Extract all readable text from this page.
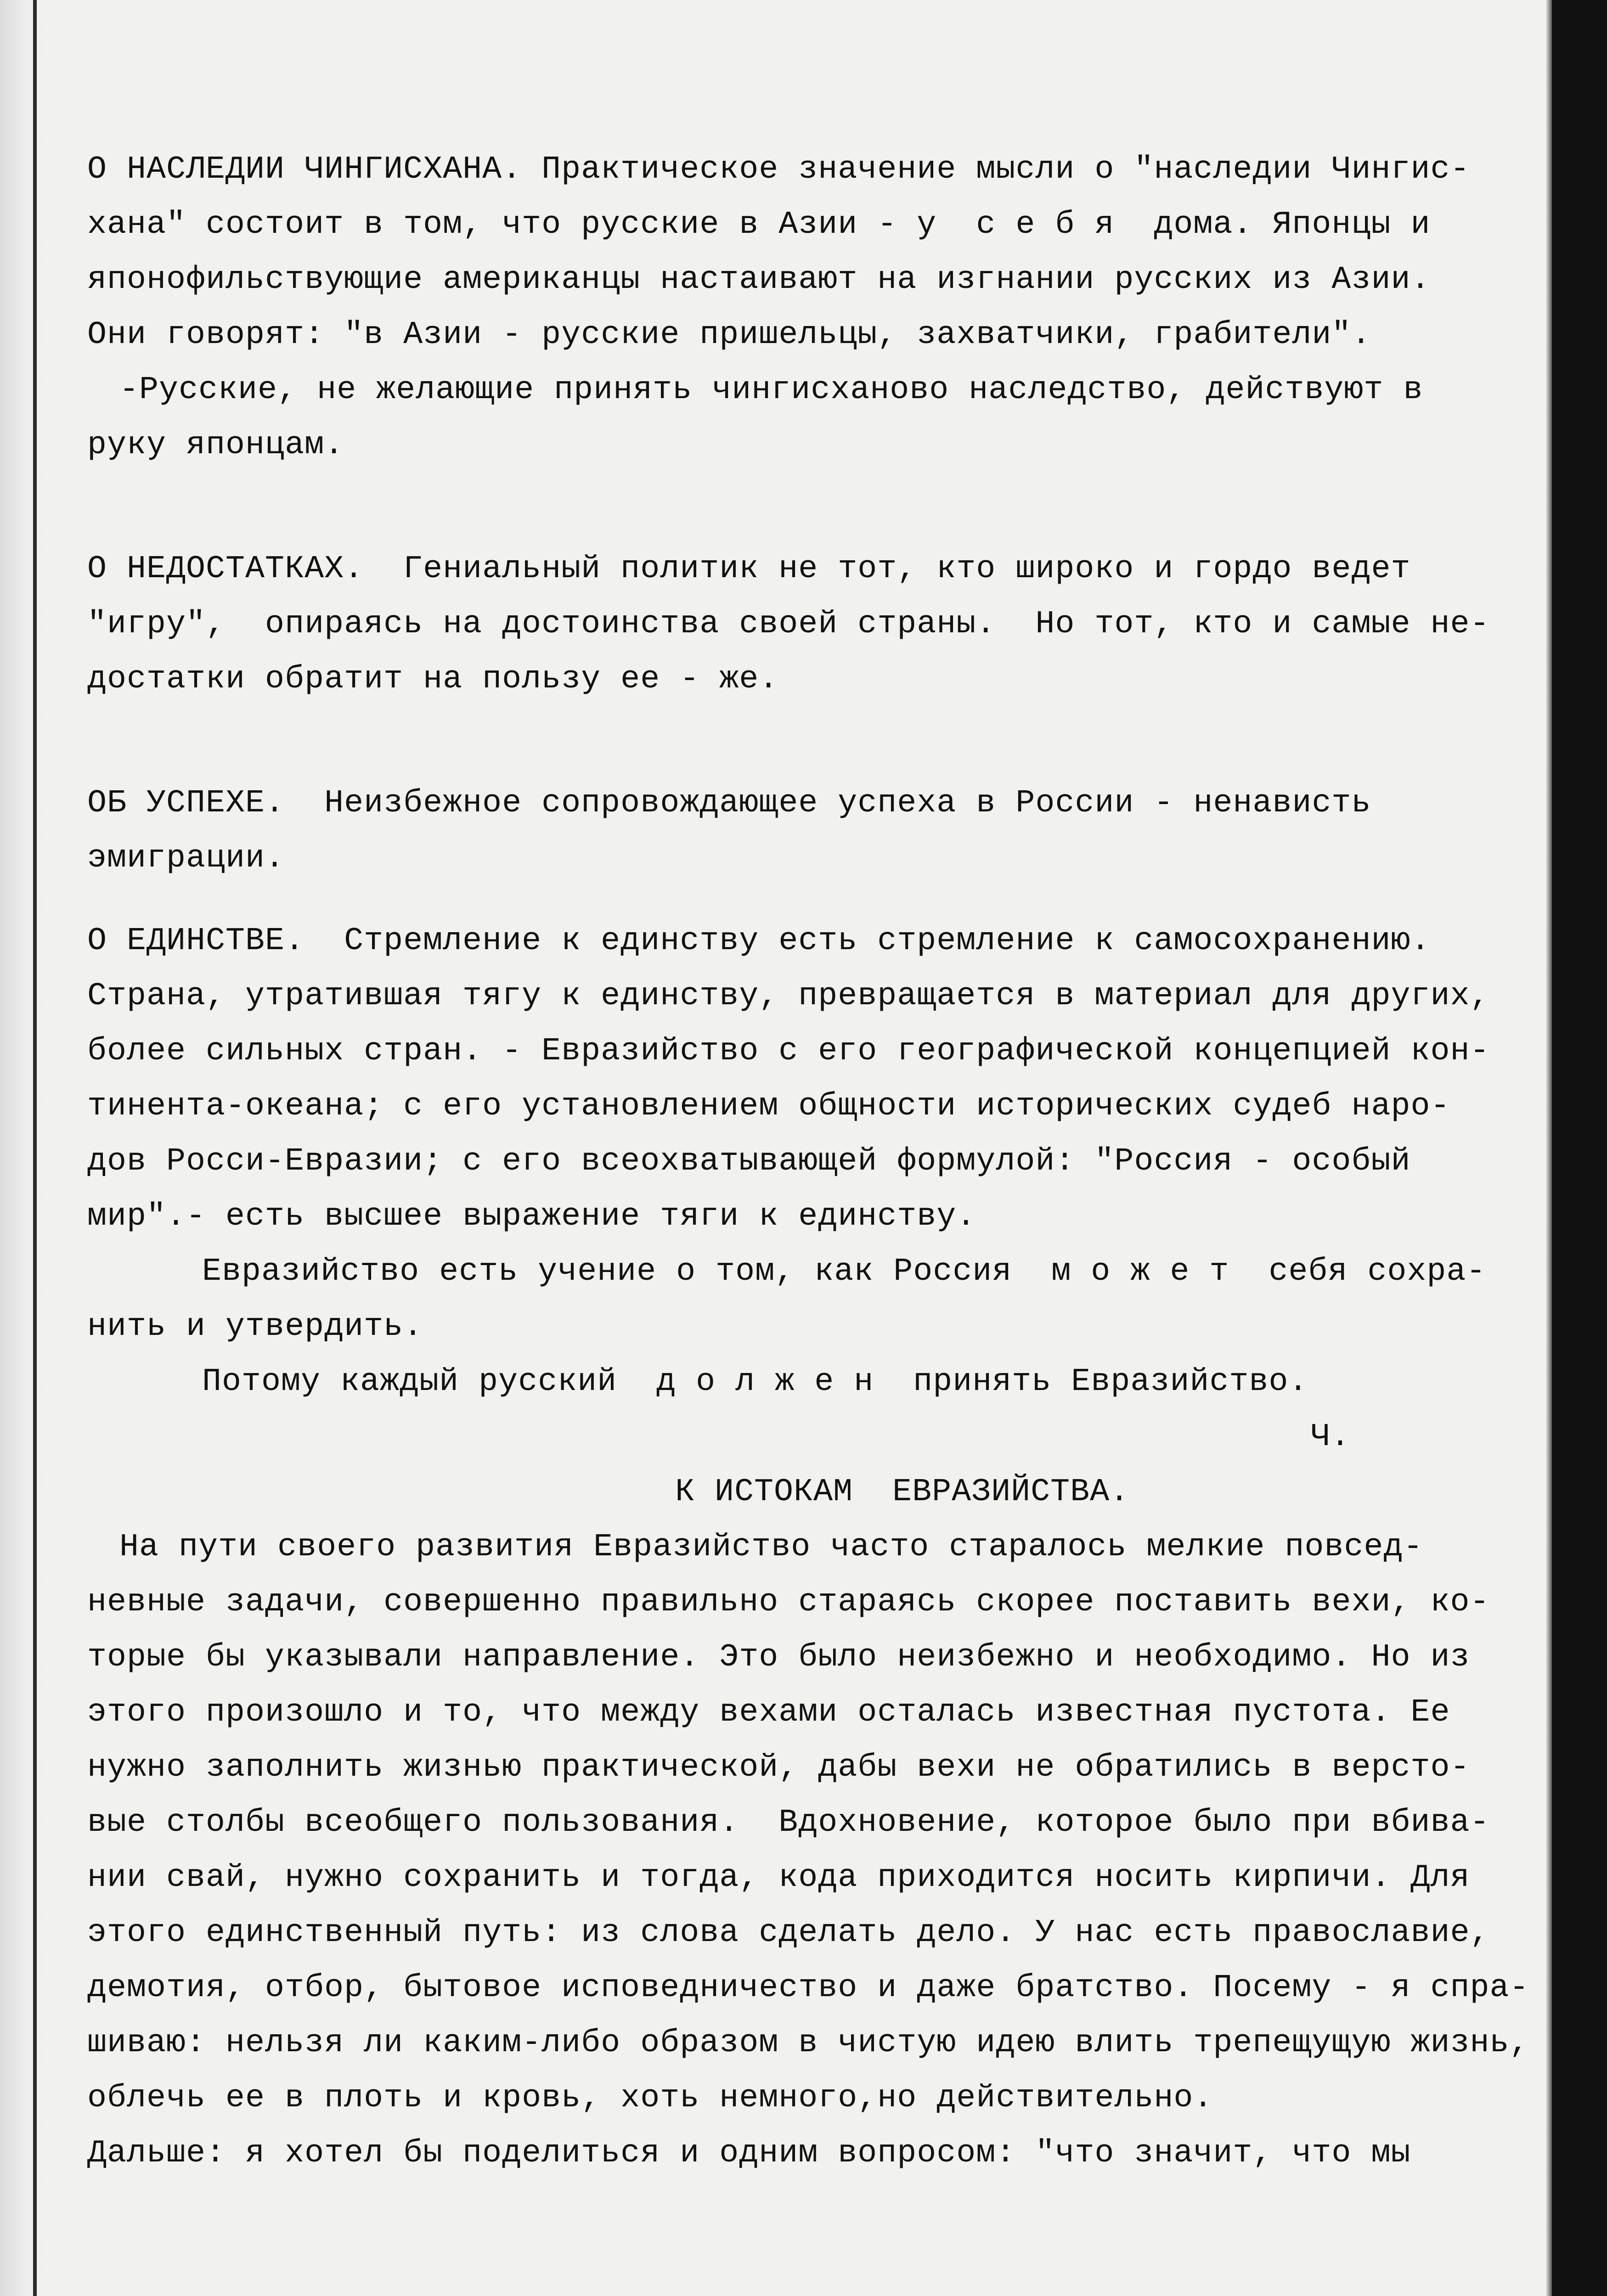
О НАСЛЕДИИ ЧИНГИСХАНА. Практическое значение мысли о "наследии Чингис-
хана" состоит в том, что русские в Азии - у  с е б я  дома. Японцы и
японофильствующие американцы настаивают на изгнании русских из Азии.
Они говорят: "в Азии - русские пришельцы, захватчики, грабители".
-Русские, не желающие принять чингисханово наследство, действуют в
руку японцам.
О НЕДОСТАТКАХ.  Гениальный политик не тот, кто широко и гордо ведет
"игру",  опираясь на достоинства своей страны.  Но тот, кто и самые не-
достатки обратит на пользу ее - же.
ОБ УСПЕХЕ.  Неизбежное сопровождающее успеха в России - ненависть
эмиграции.
О ЕДИНСТВЕ.  Стремление к единству есть стремление к самосохранению.
Страна, утратившая тягу к единству, превращается в материал для других,
более сильных стран. - Евразийство с его географической концепцией кон-
тинента-океана; с его установлением общности исторических судеб наро-
дов Росси-Евразии; с его всеохватывающей формулой: "Россия - особый
мир".- есть высшее выражение тяги к единству.
Евразийство есть учение о том, как Россия  м о ж е т  себя сохра-
нить и утвердить.
Потому каждый русский  д о л ж е н  принять Евразийство.
Ч.
К ИСТОКАМ  ЕВРАЗИЙСТВА.
На пути своего развития Евразийство часто старалось мелкие повсед-
невные задачи, совершенно правильно стараясь скорее поставить вехи, ко-
торые бы указывали направление. Это было неизбежно и необходимо. Но из
этого произошло и то, что между вехами осталась известная пустота. Ее
нужно заполнить жизнью практической, дабы вехи не обратились в версто-
вые столбы всеобщего пользования.  Вдохновение, которое было при вбива-
нии свай, нужно сохранить и тогда, кода приходится носить кирпичи. Для
этого единственный путь: из слова сделать дело. У нас есть православие,
демотия, отбор, бытовое исповедничество и даже братство. Посему - я спра-
шиваю: нельзя ли каким-либо образом в чистую идею влить трепещущую жизнь,
облечь ее в плоть и кровь, хоть немного,но действительно.
Дальше: я хотел бы поделиться и одним вопросом: "что значит, что мы
